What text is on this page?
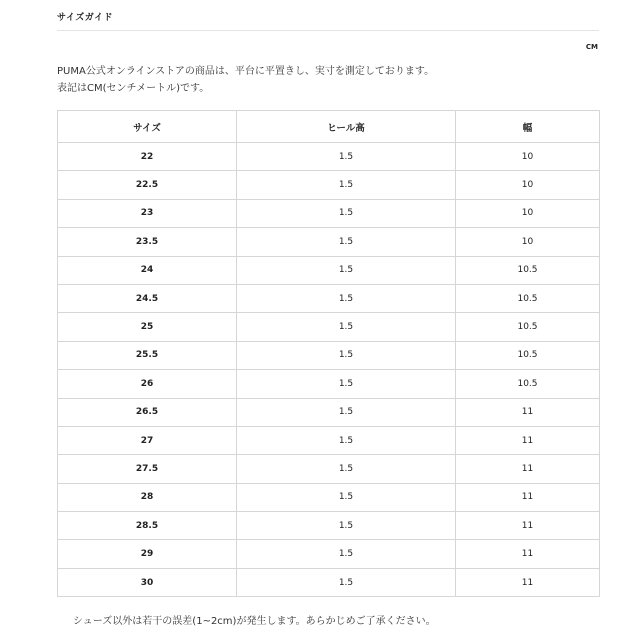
サイズガイド
CM
PUMA公式オンラインストアの商品は、平台に平置きし、実寸を測定しております。
表記はCM(センチメートル)です。
サイズ	ヒール高	幅
22	1.5	10
22.5	1.5	10
23	1.5	10
23.5	1.5	10
24	1.5	10.5
24.5	1.5	10.5
25	1.5	10.5
25.5	1.5	10.5
26	1.5	10.5
26.5	1.5	11
27	1.5	11
27.5	1.5	11
28	1.5	11
28.5	1.5	11
29	1.5	11
30	1.5	11
シューズ以外は若干の誤差(1~2cm)が発生します。あらかじめご了承ください。
